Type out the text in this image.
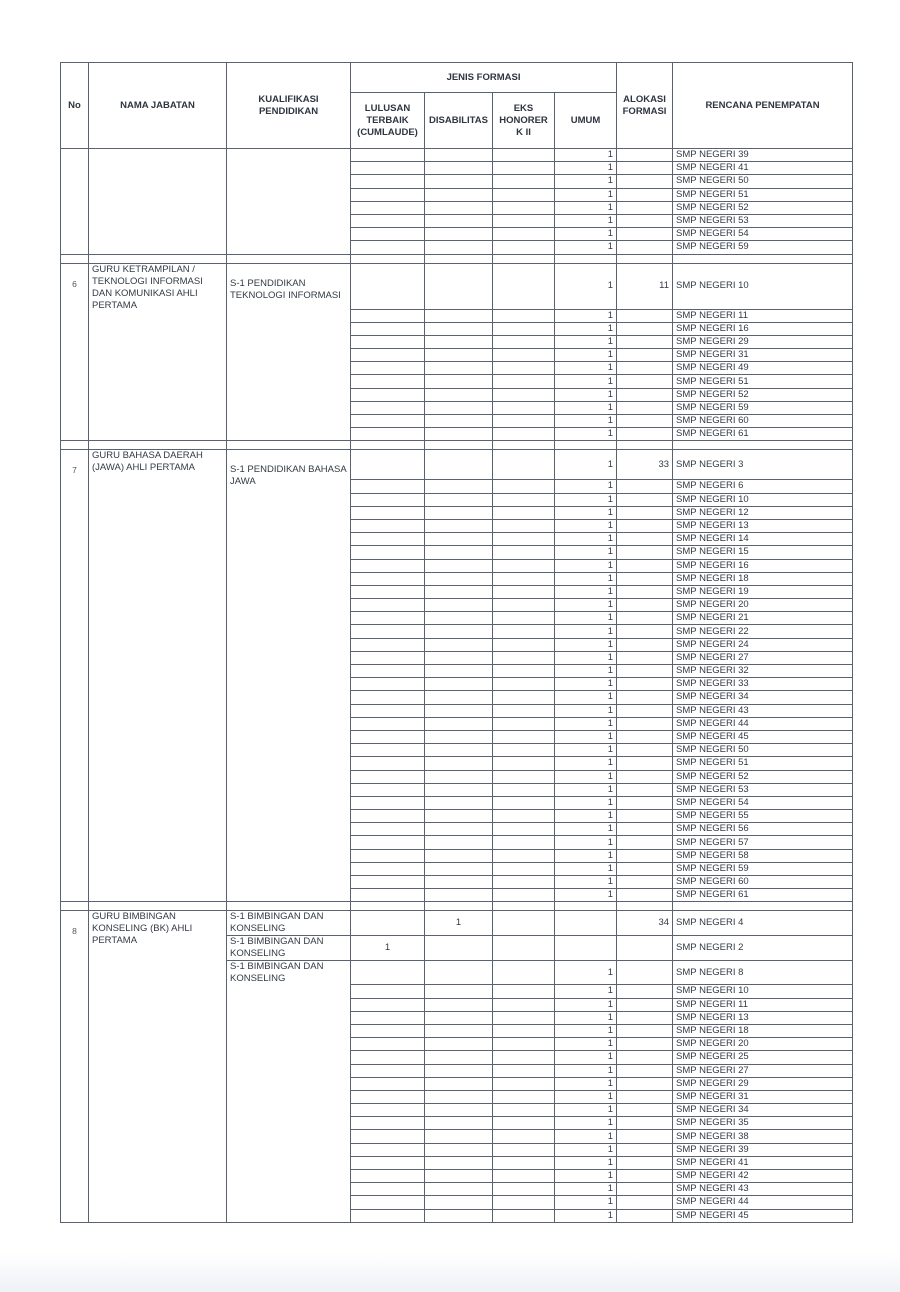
No	NAMA JABATAN	KUALIFIKASI PENDIDIKAN	JENIS FORMASI				ALOKASI FORMASI	RENCANA PENEMPATAN
			LULUSAN TERBAIK (CUMLAUDE)	DISABILITAS	EKS HONORER K II	UMUM		
						1		SMP NEGERI 39
						1		SMP NEGERI 41
						1		SMP NEGERI 50
						1		SMP NEGERI 51
						1		SMP NEGERI 52
						1		SMP NEGERI 53
						1		SMP NEGERI 54
						1		SMP NEGERI 59

6	GURU KETRAMPILAN / TEKNOLOGI INFORMASI DAN KOMUNIKASI AHLI PERTAMA	S-1 PENDIDIKAN TEKNOLOGI INFORMASI				1	11	SMP NEGERI 10
						1		SMP NEGERI 11
						1		SMP NEGERI 16
						1		SMP NEGERI 29
						1		SMP NEGERI 31
						1		SMP NEGERI 49
						1		SMP NEGERI 51
						1		SMP NEGERI 52
						1		SMP NEGERI 59
						1		SMP NEGERI 60
						1		SMP NEGERI 61

7	GURU BAHASA DAERAH (JAWA) AHLI PERTAMA	S-1 PENDIDIKAN BAHASA JAWA				1	33	SMP NEGERI 3
						1		SMP NEGERI 6
						1		SMP NEGERI 10
						1		SMP NEGERI 12
						1		SMP NEGERI 13
						1		SMP NEGERI 14
						1		SMP NEGERI 15
						1		SMP NEGERI 16
						1		SMP NEGERI 18
						1		SMP NEGERI 19
						1		SMP NEGERI 20
						1		SMP NEGERI 21
						1		SMP NEGERI 22
						1		SMP NEGERI 24
						1		SMP NEGERI 27
						1		SMP NEGERI 32
						1		SMP NEGERI 33
						1		SMP NEGERI 34
						1		SMP NEGERI 43
						1		SMP NEGERI 44
						1		SMP NEGERI 45
						1		SMP NEGERI 50
						1		SMP NEGERI 51
						1		SMP NEGERI 52
						1		SMP NEGERI 53
						1		SMP NEGERI 54
						1		SMP NEGERI 55
						1		SMP NEGERI 56
						1		SMP NEGERI 57
						1		SMP NEGERI 58
						1		SMP NEGERI 59
						1		SMP NEGERI 60
						1		SMP NEGERI 61

8	GURU BIMBINGAN KONSELING (BK) AHLI PERTAMA	S-1 BIMBINGAN DAN KONSELING		1			34	SMP NEGERI 4
		S-1 BIMBINGAN DAN KONSELING	1					SMP NEGERI 2
		S-1 BIMBINGAN DAN KONSELING				1		SMP NEGERI 8
						1		SMP NEGERI 10
						1		SMP NEGERI 11
						1		SMP NEGERI 13
						1		SMP NEGERI 18
						1		SMP NEGERI 20
						1		SMP NEGERI 25
						1		SMP NEGERI 27
						1		SMP NEGERI 29
						1		SMP NEGERI 31
						1		SMP NEGERI 34
						1		SMP NEGERI 35
						1		SMP NEGERI 38
						1		SMP NEGERI 39
						1		SMP NEGERI 41
						1		SMP NEGERI 42
						1		SMP NEGERI 43
						1		SMP NEGERI 44
						1		SMP NEGERI 45
